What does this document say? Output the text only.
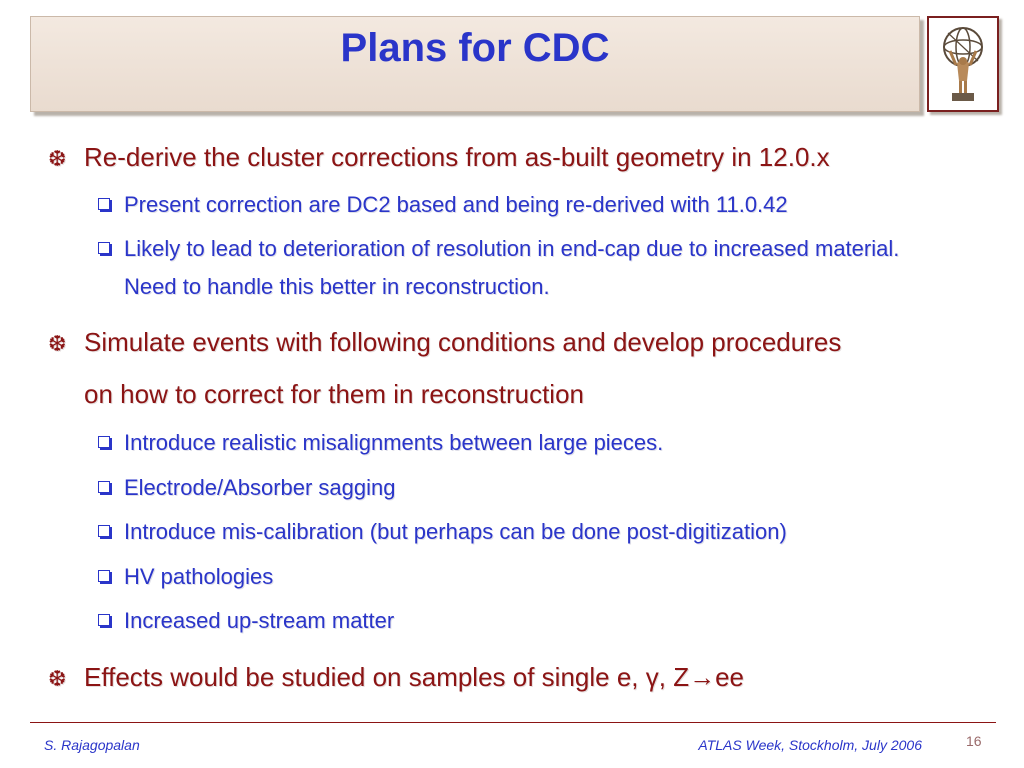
Plans for CDC
❆ Re-derive the cluster corrections from as-built geometry in 12.0.x
Present correction are DC2 based and being re-derived with 11.0.42
Likely to lead to deterioration of resolution in end-cap due to increased material. Need to handle this better in reconstruction.
❆ Simulate events with following conditions and develop procedures on how to correct for them in reconstruction
Introduce realistic misalignments between large pieces.
Electrode/Absorber sagging
Introduce mis-calibration (but perhaps can be done post-digitization)
HV pathologies
Increased up-stream matter
❆ Effects would be studied on samples of single e, γ, Z→ee
S. Rajagopalan	ATLAS Week, Stockholm, July 2006	16
